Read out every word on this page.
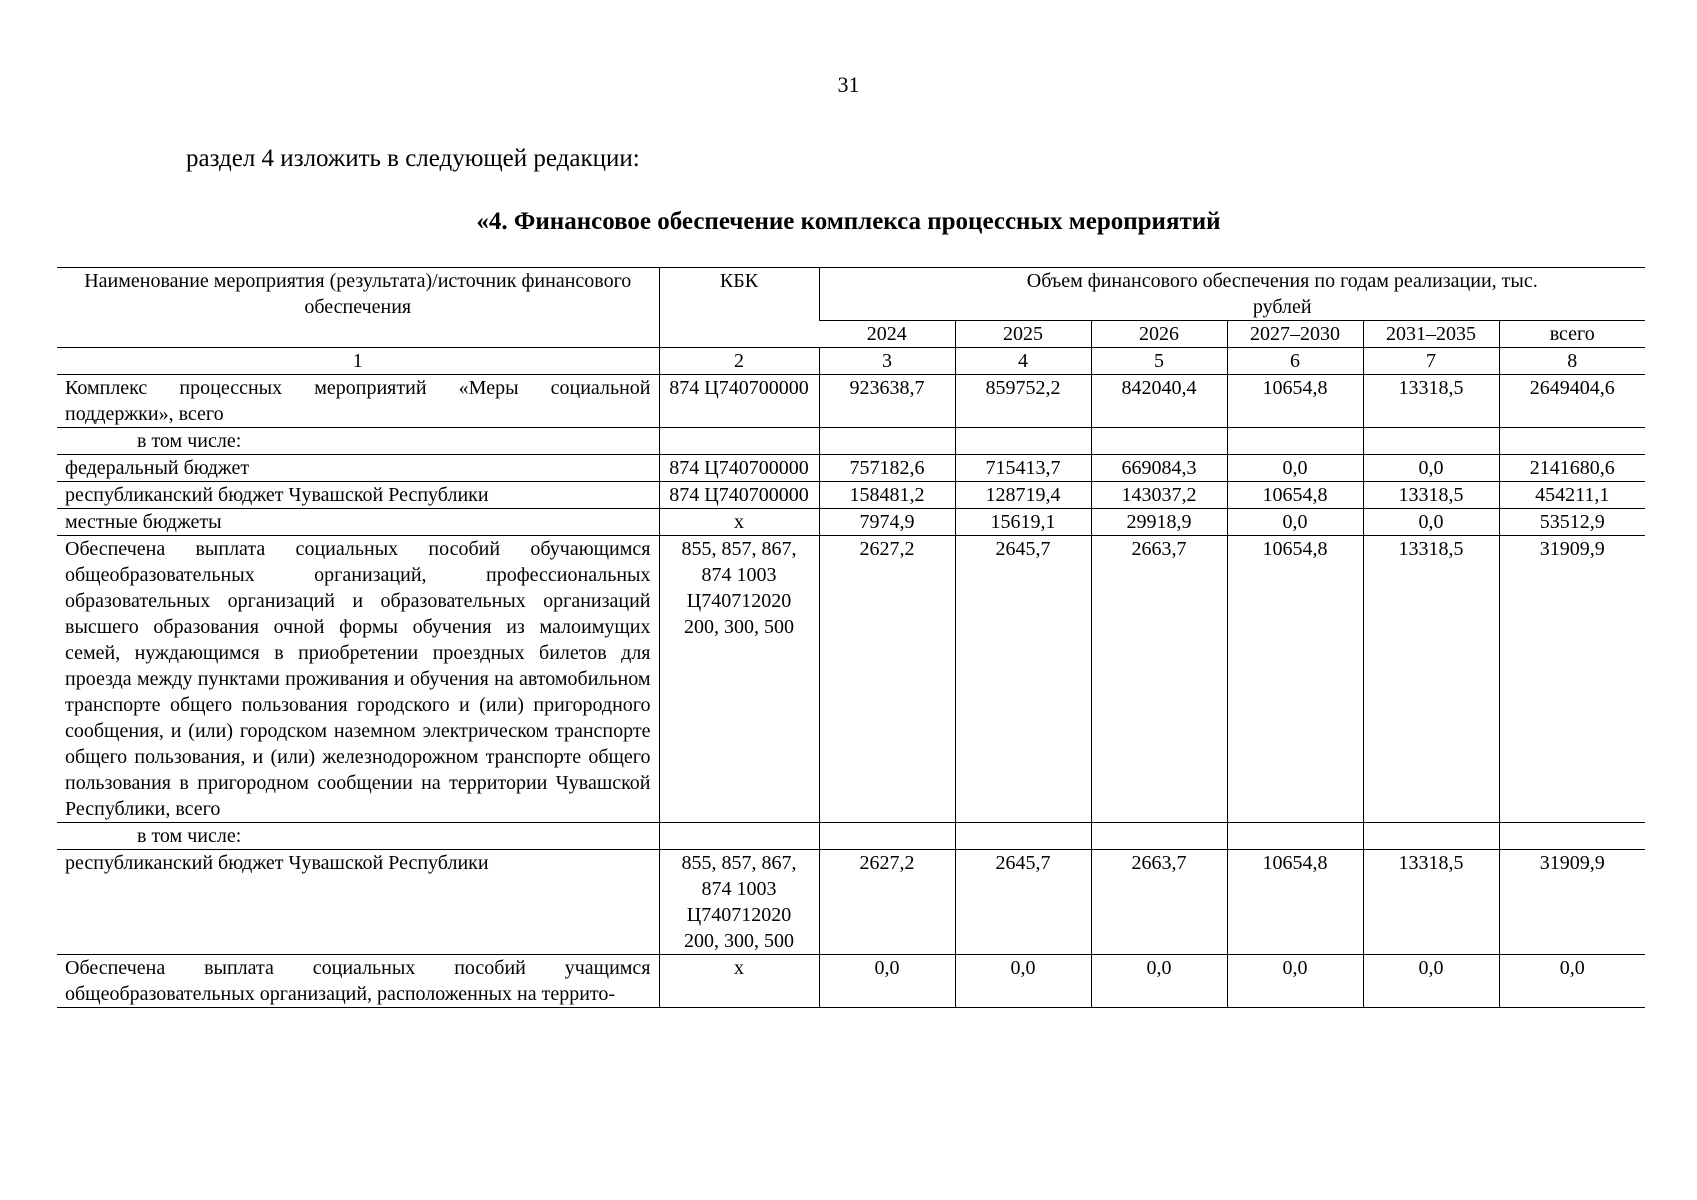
31
раздел 4 изложить в следующей редакции:
«4. Финансовое обеспечение комплекса процессных мероприятий
Наименование мероприятия (результата)/источник финансового обеспечения	КБК	Объем финансового обеспечения по годам реализации, тыс. рублей					
		2024	2025	2026	2027–2030	2031–2035	всего
1	2	3	4	5	6	7	8
Комплекс процессных мероприятий «Меры социальной поддержки», всего	874 Ц740700000	923638,7	859752,2	842040,4	10654,8	13318,5	2649404,6
в том числе:							
федеральный бюджет	874 Ц740700000	757182,6	715413,7	669084,3	0,0	0,0	2141680,6
республиканский бюджет Чувашской Республики	874 Ц740700000	158481,2	128719,4	143037,2	10654,8	13318,5	454211,1
местные бюджеты	х	7974,9	15619,1	29918,9	0,0	0,0	53512,9
Обеспечена выплата социальных пособий обучающимся общеобразовательных организаций, профессиональных образовательных организаций и образовательных организаций высшего образования очной формы обучения из малоимущих семей, нуждающимся в приобретении проездных билетов для проезда между пунктами проживания и обучения на автомобильном транспорте общего пользования городского и (или) пригородного сообщения, и (или) городском наземном электрическом транспорте общего пользования, и (или) железнодорожном транспорте общего пользования в пригородном сообщении на территории Чувашской Республики, всего	855, 857, 867, 874 1003 Ц740712020 200, 300, 500	2627,2	2645,7	2663,7	10654,8	13318,5	31909,9
в том числе:							
республиканский бюджет Чувашской Республики	855, 857, 867, 874 1003 Ц740712020 200, 300, 500	2627,2	2645,7	2663,7	10654,8	13318,5	31909,9
Обеспечена выплата социальных пособий учащимся общеобразовательных организаций, расположенных на террито-	х	0,0	0,0	0,0	0,0	0,0	0,0
